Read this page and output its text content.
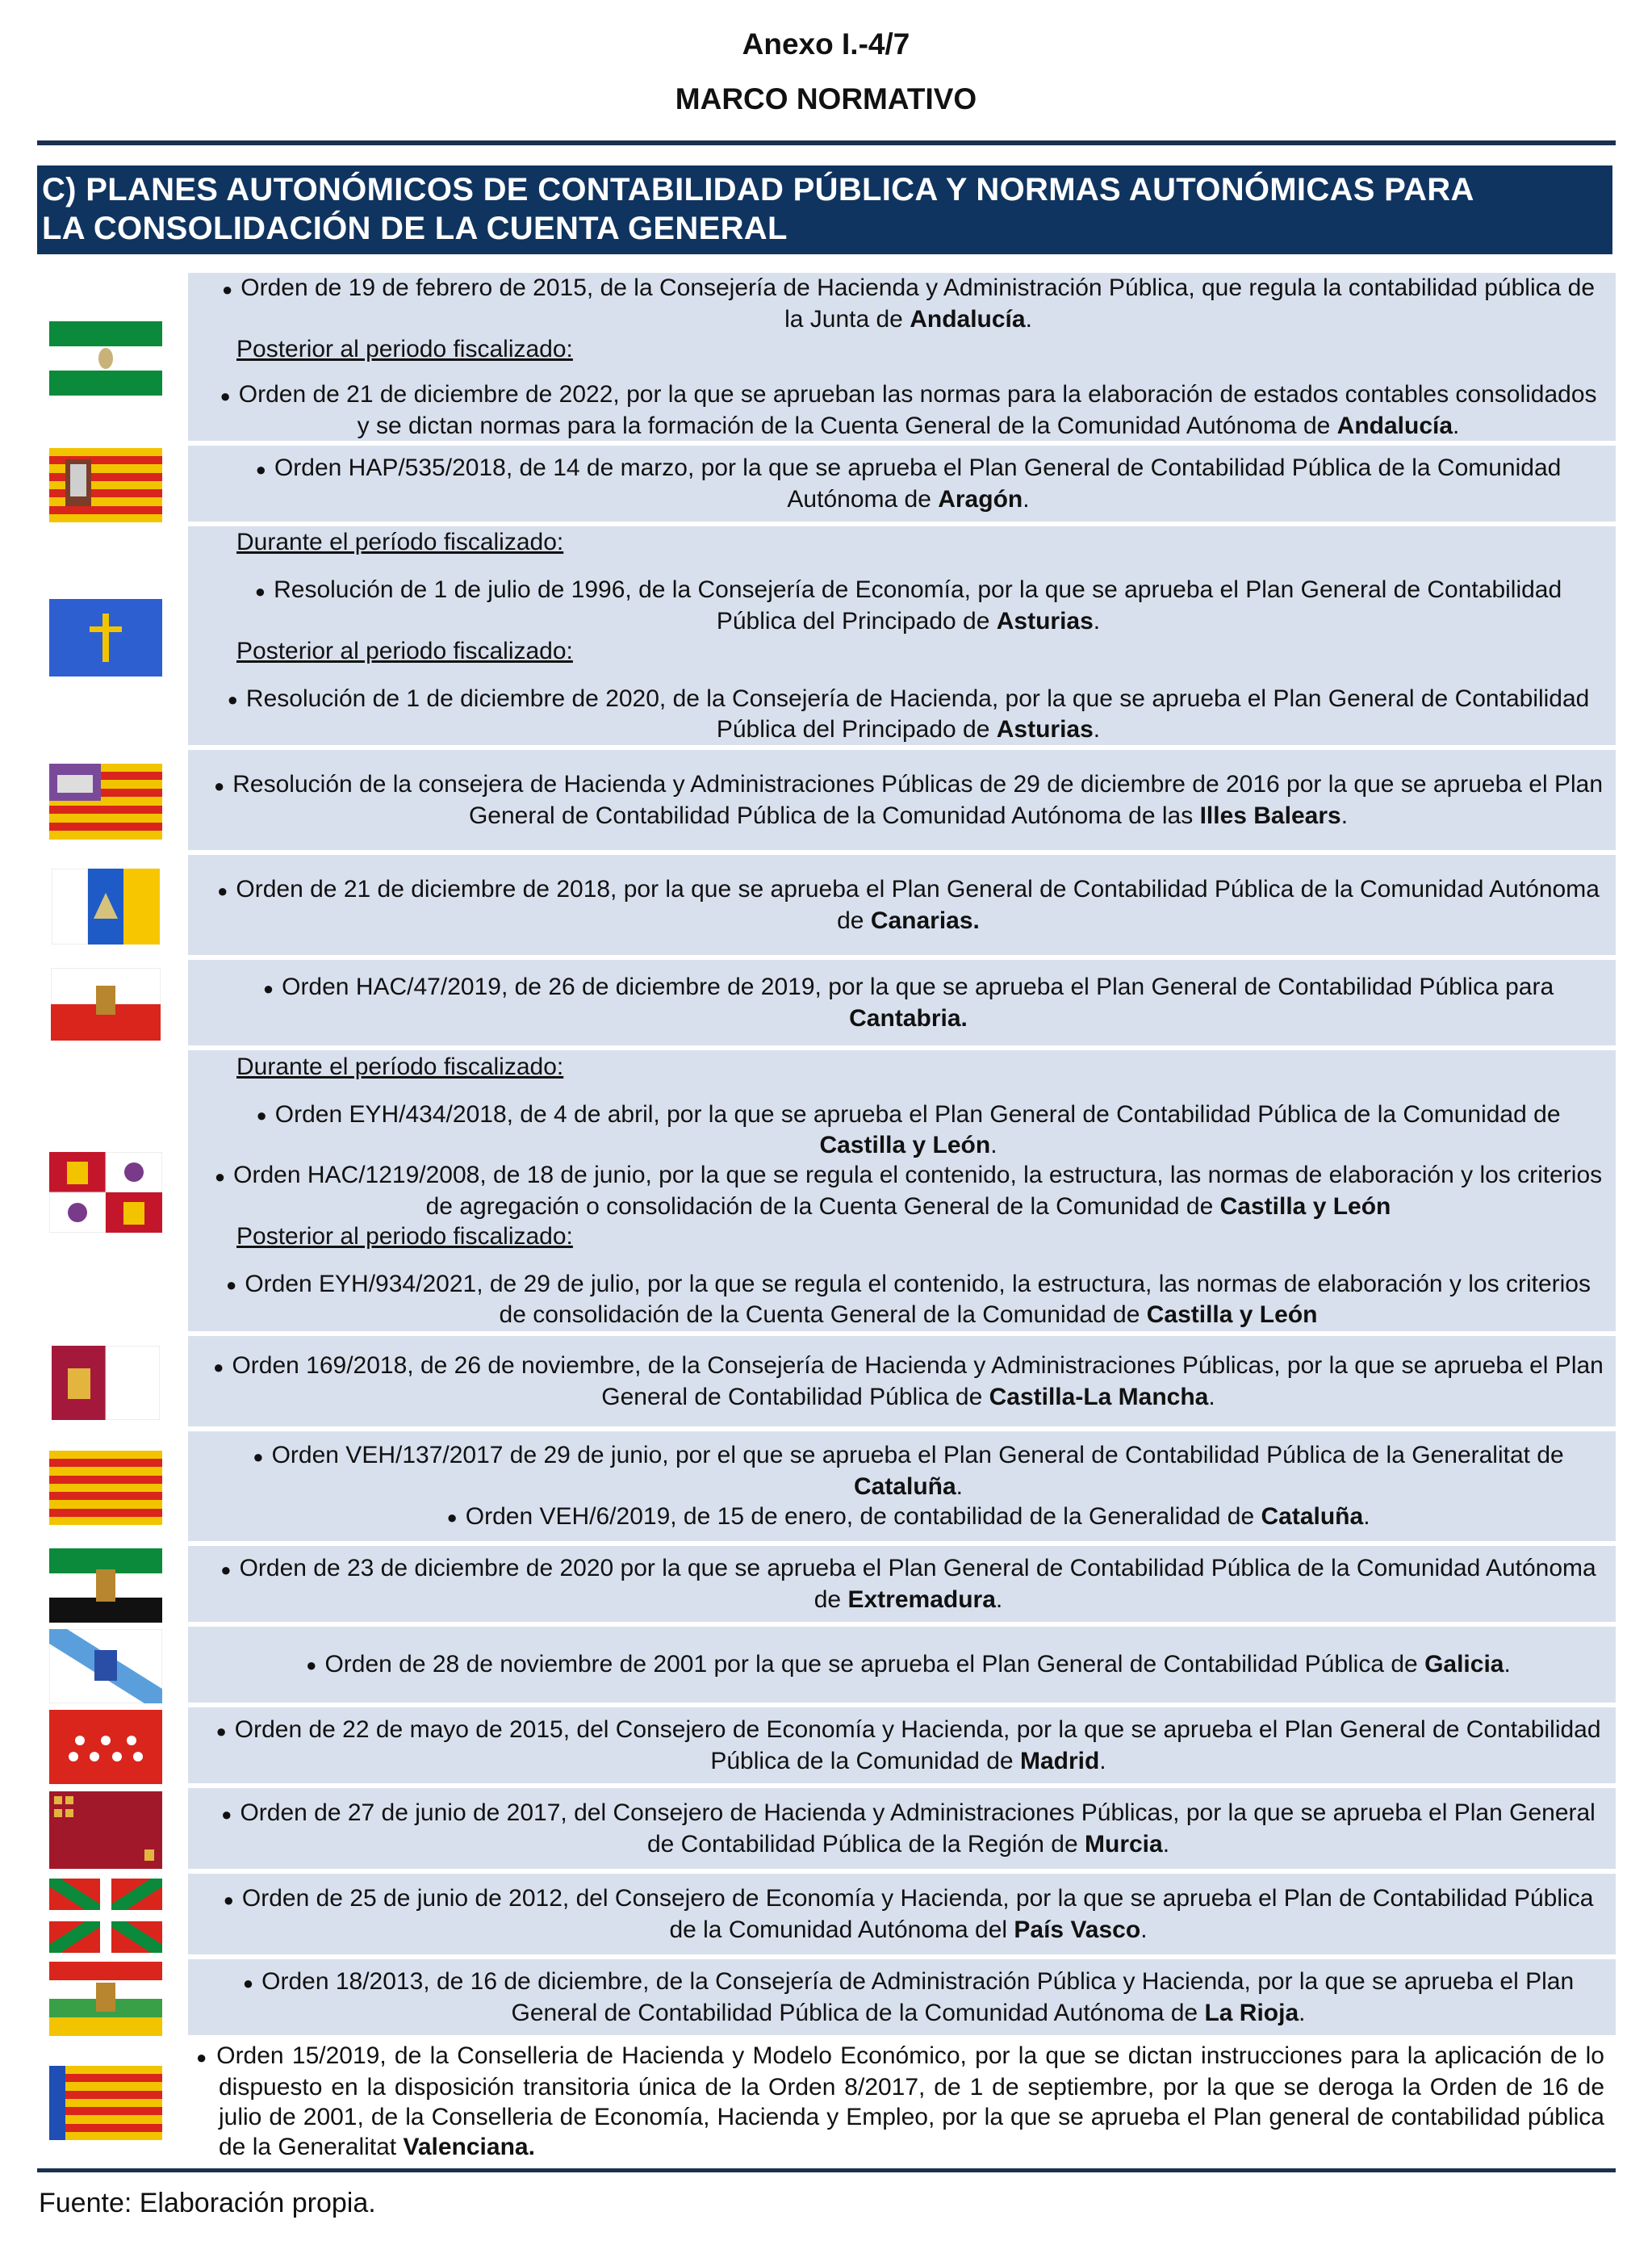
Anexo I.-4/7
MARCO NORMATIVO
C) PLANES AUTONÓMICOS DE CONTABILIDAD PÚBLICA Y NORMAS AUTONÓMICAS PARA
LA CONSOLIDACIÓN DE LA CUENTA GENERAL
● Orden de 19 de febrero de 2015, de la Consejería de Hacienda y Administración Pública, que regula la contabilidad pública de la Junta de Andalucía.
Posterior al periodo fiscalizado:
● Orden de 21 de diciembre de 2022, por la que se aprueban las normas para la elaboración de estados contables consolidados y se dictan normas para la formación de la Cuenta General de la Comunidad Autónoma de Andalucía.
● Orden HAP/535/2018, de 14 de marzo, por la que se aprueba el Plan General de Contabilidad Pública de la Comunidad Autónoma de Aragón.
Durante el período fiscalizado:
● Resolución de 1 de julio de 1996, de la Consejería de Economía, por la que se aprueba el Plan General de Contabilidad Pública del Principado de Asturias.
Posterior al periodo fiscalizado:
● Resolución de 1 de diciembre de 2020, de la Consejería de Hacienda, por la que se aprueba el Plan General de Contabilidad Pública del Principado de Asturias.
● Resolución de la consejera de Hacienda y Administraciones Públicas de 29 de diciembre de 2016 por la que se aprueba el Plan General de Contabilidad Pública de la Comunidad Autónoma de las Illes Balears.
● Orden de 21 de diciembre de 2018, por la que se aprueba el Plan General de Contabilidad Pública de la Comunidad Autónoma de Canarias.
● Orden HAC/47/2019, de 26 de diciembre de 2019, por la que se aprueba el Plan General de Contabilidad Pública para Cantabria.
Durante el período fiscalizado:
● Orden EYH/434/2018, de 4 de abril, por la que se aprueba el Plan General de Contabilidad Pública de la Comunidad de Castilla y León.
● Orden HAC/1219/2008, de 18 de junio, por la que se regula el contenido, la estructura, las normas de elaboración y los criterios de agregación o consolidación de la Cuenta General de la Comunidad de Castilla y León
Posterior al periodo fiscalizado:
● Orden EYH/934/2021, de 29 de julio, por la que se regula el contenido, la estructura, las normas de elaboración y los criterios de consolidación de la Cuenta General de la Comunidad de Castilla y León
● Orden 169/2018, de 26 de noviembre, de la Consejería de Hacienda y Administraciones Públicas, por la que se aprueba el Plan General de Contabilidad Pública de Castilla-La Mancha.
● Orden VEH/137/2017 de 29 de junio, por el que se aprueba el Plan General de Contabilidad Pública de la Generalitat de Cataluña.
● Orden VEH/6/2019, de 15 de enero, de contabilidad de la Generalidad de Cataluña.
● Orden de 23 de diciembre de 2020 por la que se aprueba el Plan General de Contabilidad Pública de la Comunidad Autónoma de Extremadura.
● Orden de 28 de noviembre de 2001 por la que se aprueba el Plan General de Contabilidad Pública de Galicia.
● Orden de 22 de mayo de 2015, del Consejero de Economía y Hacienda, por la que se aprueba el Plan General de Contabilidad Pública de la Comunidad de Madrid.
● Orden de 27 de junio de 2017, del Consejero de Hacienda y Administraciones Públicas, por la que se aprueba el Plan General de Contabilidad Pública de la Región de Murcia.
● Orden de 25 de junio de 2012, del Consejero de Economía y Hacienda, por la que se aprueba el Plan de Contabilidad Pública de la Comunidad Autónoma del País Vasco.
● Orden 18/2013, de 16 de diciembre, de la Consejería de Administración Pública y Hacienda, por la que se aprueba el Plan General de Contabilidad Pública de la Comunidad Autónoma de La Rioja.
● Orden 15/2019, de la Conselleria de Hacienda y Modelo Económico, por la que se dictan instrucciones para la aplicación de lo dispuesto en la disposición transitoria única de la Orden 8/2017, de 1 de septiembre, por la que se deroga la Orden de 16 de julio de 2001, de la Conselleria de Economía, Hacienda y Empleo, por la que se aprueba el Plan general de contabilidad pública de la Generalitat Valenciana.
Fuente: Elaboración propia.
